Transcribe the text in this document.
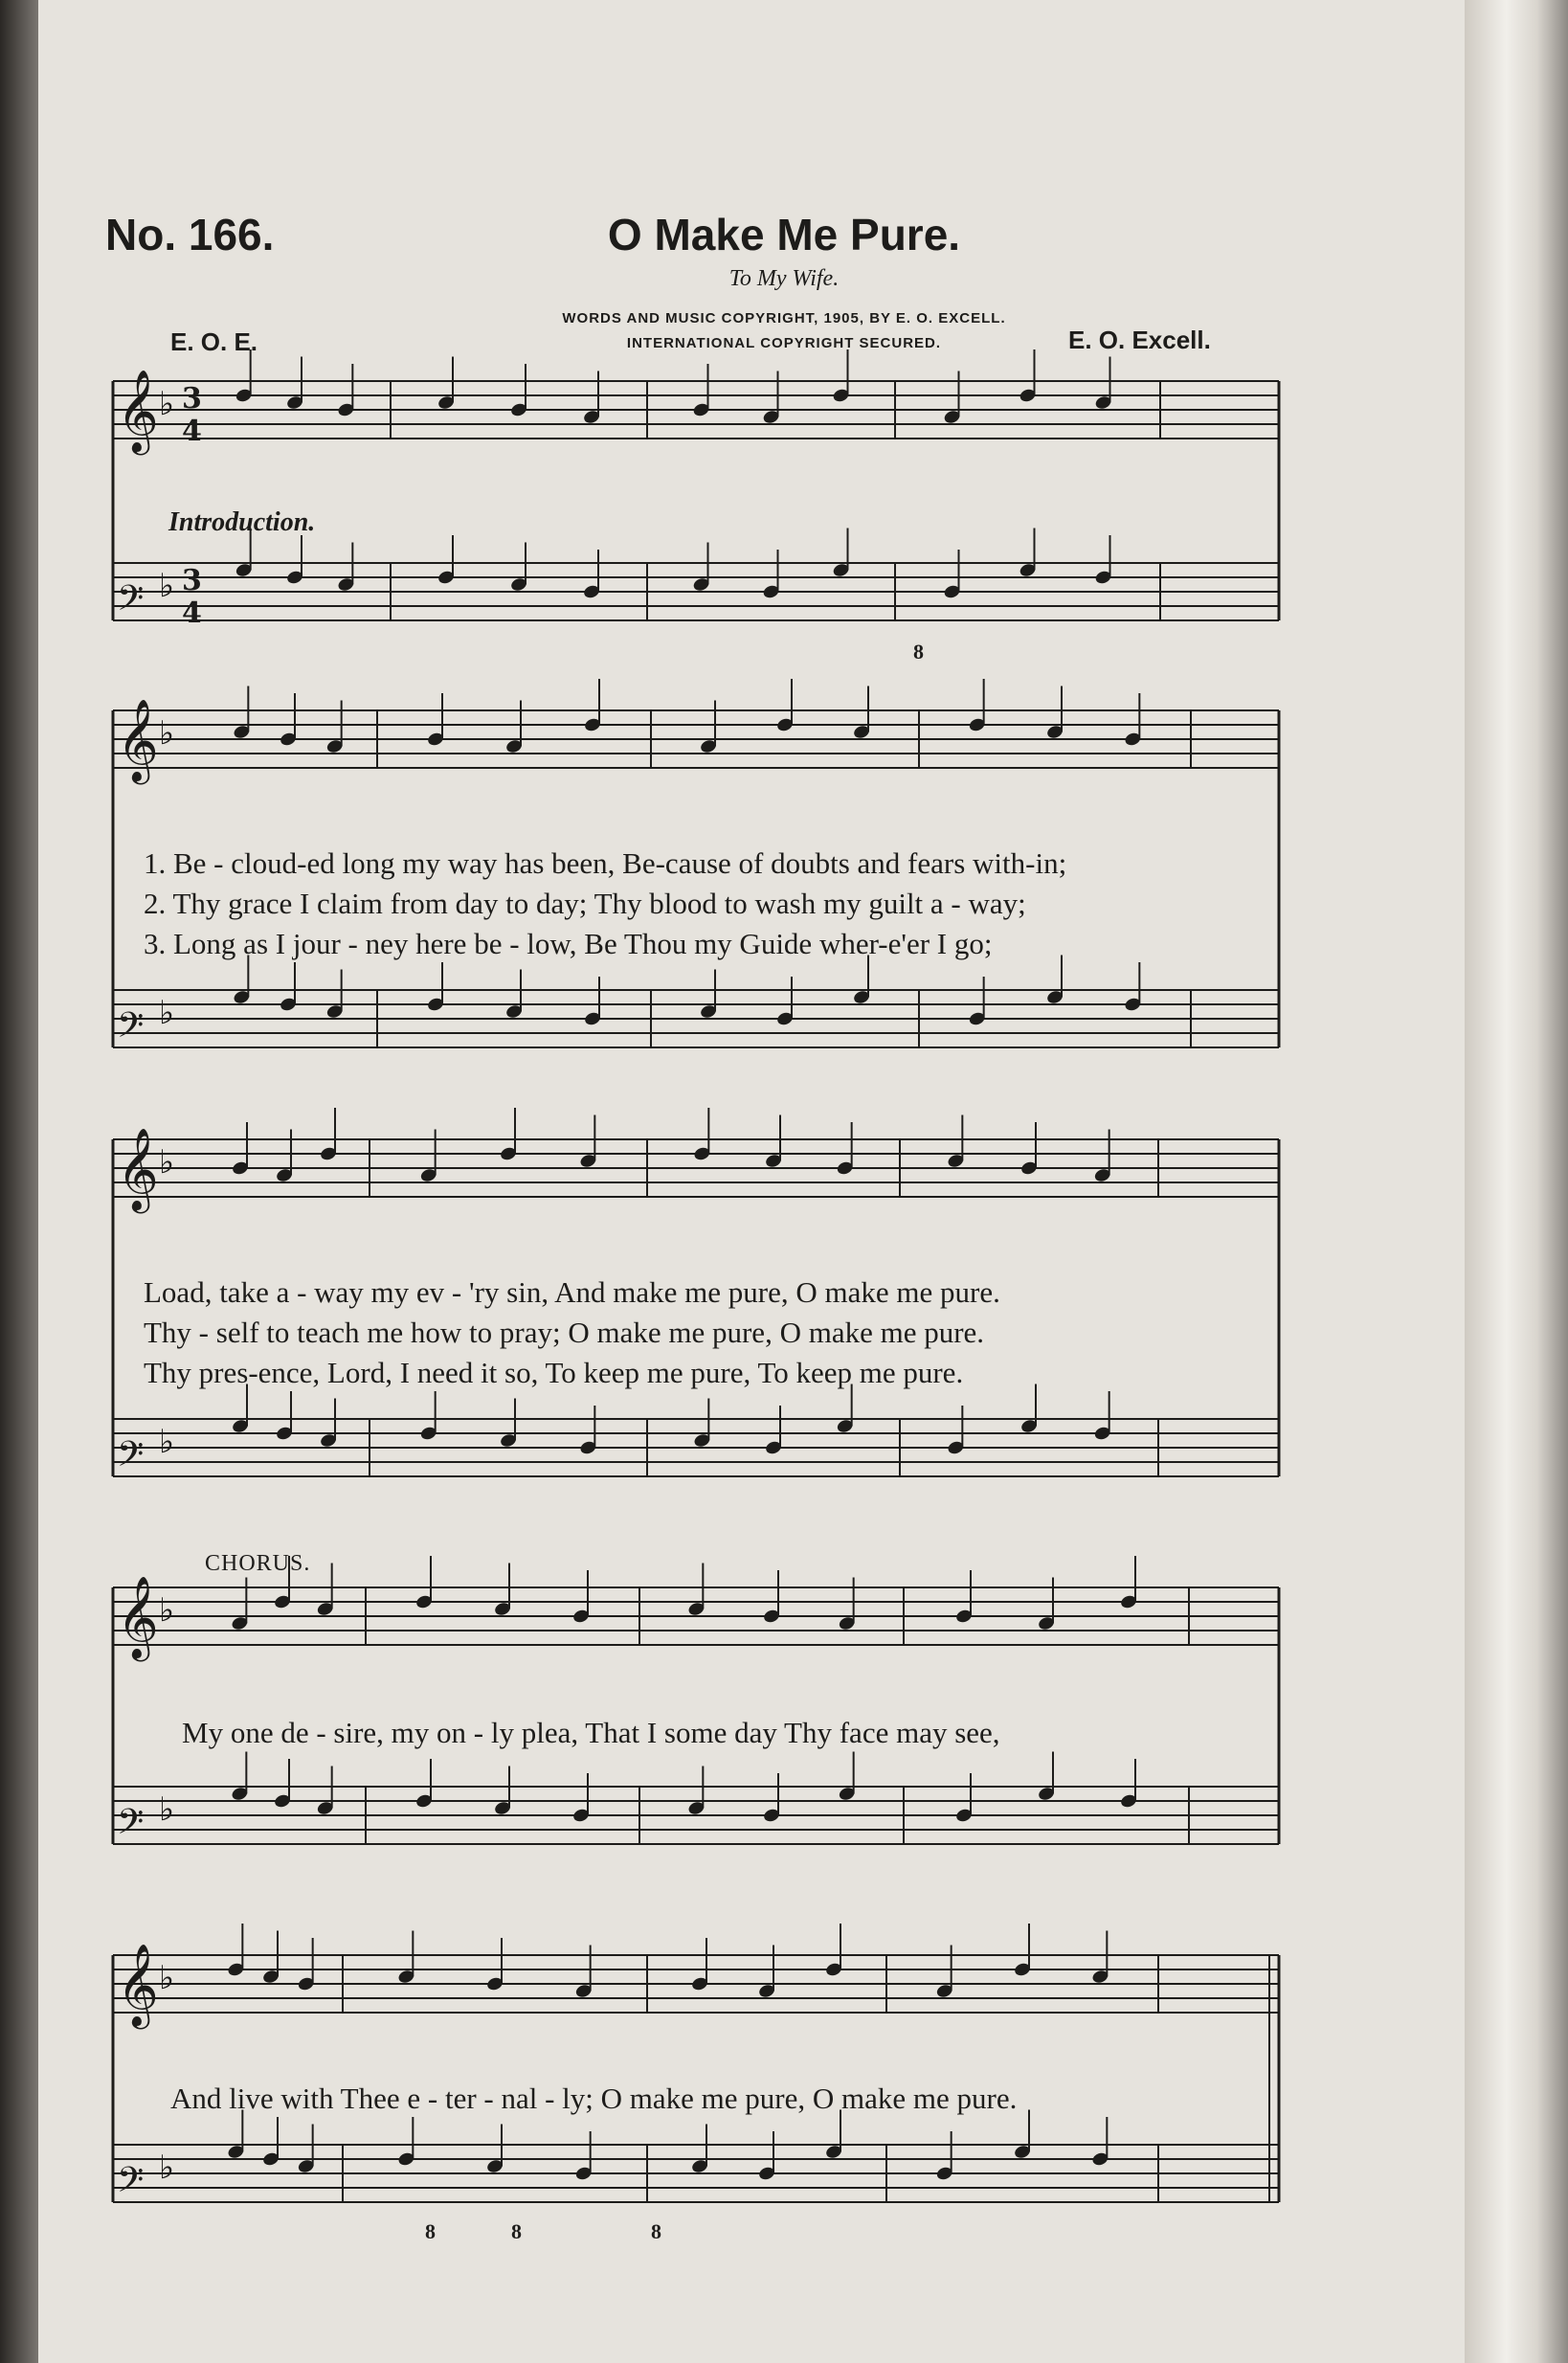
𝄞 ♭
𝄢 ♭
3
4
3
4
𝄞 ♭
𝄢 ♭
𝄞 ♭
𝄢 ♭
𝄞 ♭
𝄢 ♭
𝄞 ♭
𝄢 ♭
No. 166.	O Make Me Pure.
To My Wife.
WORDS AND MUSIC COPYRIGHT, 1905, BY E. O. EXCELL.
INTERNATIONAL COPYRIGHT SECURED.
E. O. E.	E. O. Excell.
Introduction.
CHORUS.
1. Be - cloud-ed long my way has been, Be-cause of doubts and fears with-in;
2. Thy grace I claim from day to day; Thy blood to wash my guilt a - way;
3. Long as I jour - ney here be - low, Be Thou my Guide wher-e'er I go;
Load, take a - way my ev - 'ry sin, And make me pure, O make me pure.
Thy - self to teach me how to pray; O make me pure, O make me pure.
Thy pres-ence, Lord, I need it so, To keep me pure, To keep me pure.
My one de - sire, my on - ly plea, That I some day Thy face may see,
And live with Thee e - ter - nal - ly; O make me pure, O make me pure.
8
8	8	8
